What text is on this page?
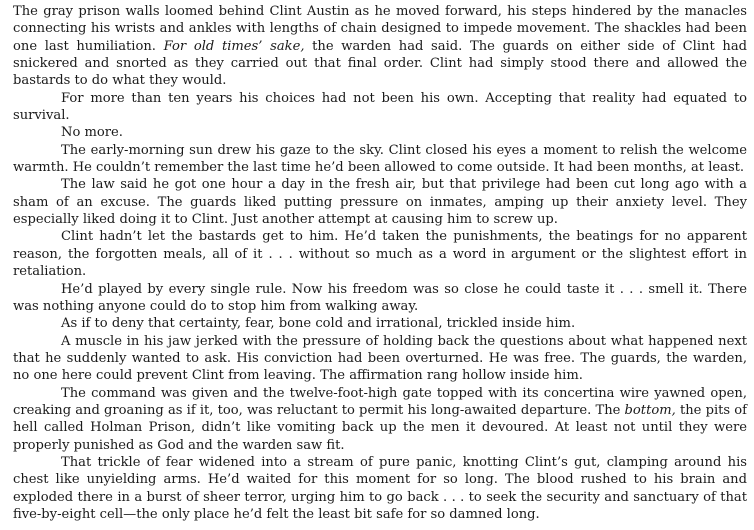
The gray prison walls loomed behind Clint Austin as he moved forward, his steps hindered by the manacles connecting his wrists and ankles with lengths of chain designed to impede movement. The shackles had been one last humiliation. For old times’ sake, the warden had said. The guards on either side of Clint had snickered and snorted as they carried out that final order. Clint had simply stood there and allowed the bastards to do what they would.

For more than ten years his choices had not been his own. Accepting that reality had equated to survival.

No more.

The early-morning sun drew his gaze to the sky. Clint closed his eyes a moment to relish the welcome warmth. He couldn’t remember the last time he’d been allowed to come outside. It had been months, at least.

The law said he got one hour a day in the fresh air, but that privilege had been cut long ago with a sham of an excuse. The guards liked putting pressure on inmates, amping up their anxiety level. They especially liked doing it to Clint. Just another attempt at causing him to screw up.

Clint hadn’t let the bastards get to him. He’d taken the punishments, the beatings for no apparent reason, the forgotten meals, all of it . . . without so much as a word in argument or the slightest effort in retaliation.

He’d played by every single rule. Now his freedom was so close he could taste it . . . smell it. There was nothing anyone could do to stop him from walking away.

As if to deny that certainty, fear, bone cold and irrational, trickled inside him.

A muscle in his jaw jerked with the pressure of holding back the questions about what happened next that he suddenly wanted to ask. His conviction had been overturned. He was free. The guards, the warden, no one here could prevent Clint from leaving. The affirmation rang hollow inside him.

The command was given and the twelve-foot-high gate topped with its concertina wire yawned open, creaking and groaning as if it, too, was reluctant to permit his long-awaited departure. The bottom, the pits of hell called Holman Prison, didn’t like vomiting back up the men it devoured. At least not until they were properly punished as God and the warden saw fit.

That trickle of fear widened into a stream of pure panic, knotting Clint’s gut, clamping around his chest like unyielding arms. He’d waited for this moment for so long. The blood rushed to his brain and exploded there in a burst of sheer terror, urging him to go back . . . to seek the security and sanctuary of that five-by-eight cell—the only place he’d felt the least bit safe for so damned long.
